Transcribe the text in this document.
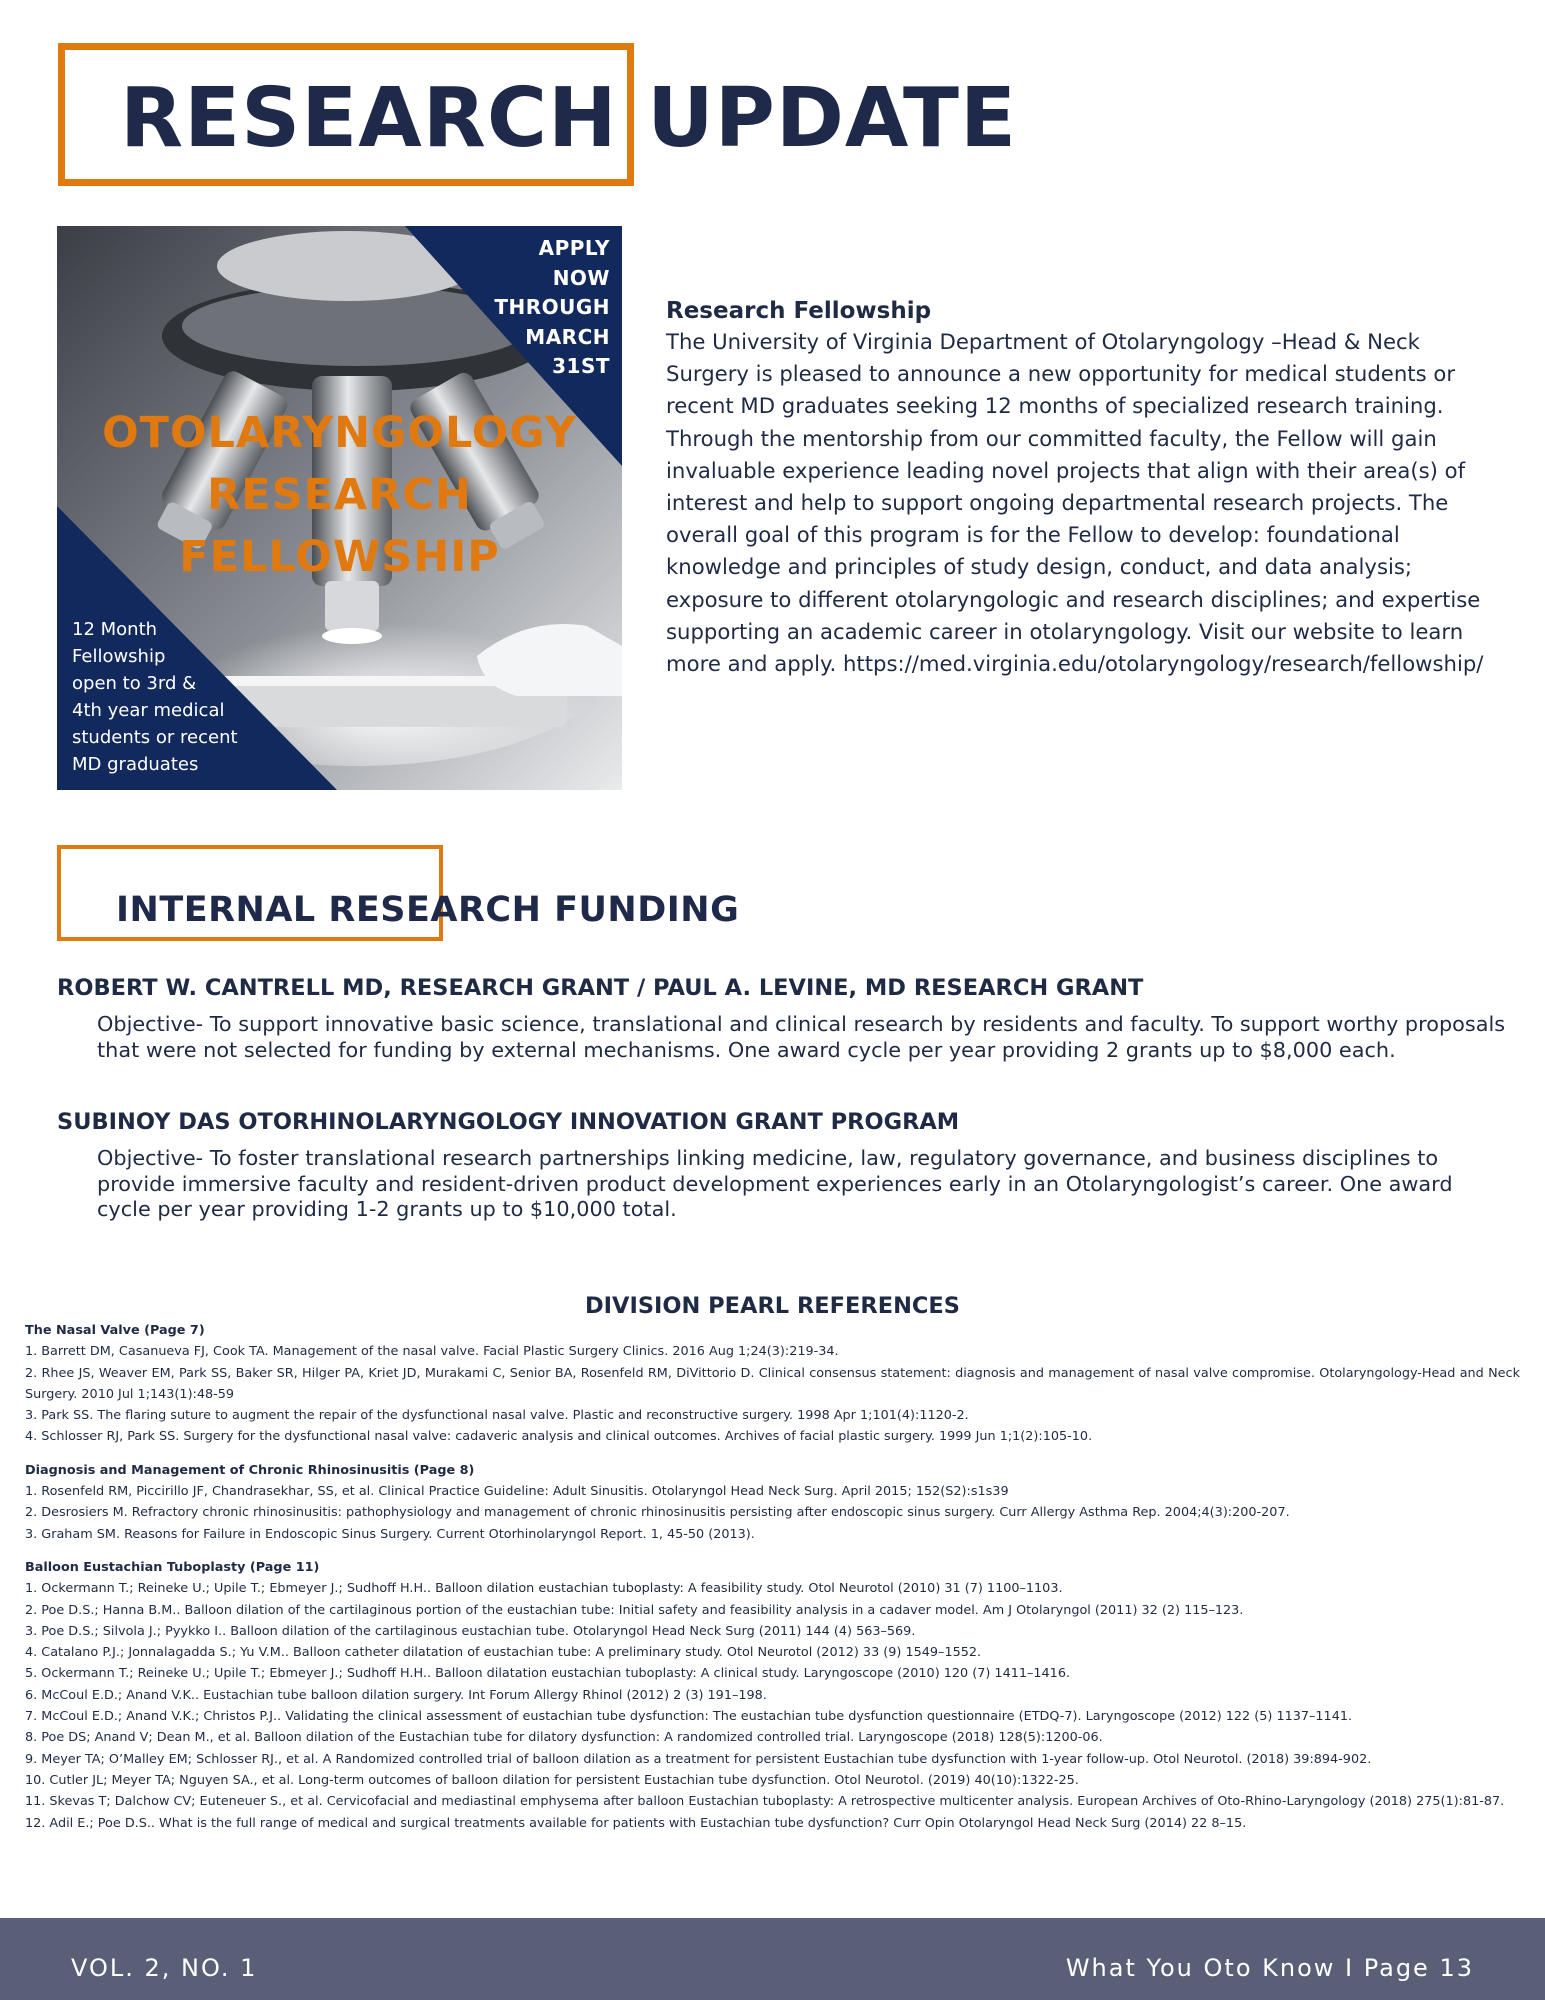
RESEARCH UPDATE
APPLY
NOW
THROUGH
MARCH
31ST
OTOLARYNGOLOGY
RESEARCH
FELLOWSHIP
12 Month
Fellowship
open to 3rd &
4th year medical
students or recent
MD graduates
Research Fellowship

The University of Virginia Department of Otolaryngology –Head & Neck Surgery is pleased to announce a new opportunity for medical students or recent MD graduates seeking 12 months of specialized research training. Through the mentorship from our committed faculty, the Fellow will gain invaluable experience leading novel projects that align with their area(s) of interest and help to support ongoing departmental research projects. The overall goal of this program is for the Fellow to develop: foundational knowledge and principles of study design, conduct, and data analysis; exposure to different otolaryngologic and research disciplines; and expertise supporting an academic career in otolaryngology. Visit our website to learn more and apply. https://med.virginia.edu/otolaryngology/research/fellowship/

INTERNAL RESEARCH FUNDING
ROBERT W. CANTRELL MD, RESEARCH GRANT / PAUL A. LEVINE, MD RESEARCH GRANT
Objective- To support innovative basic science, translational and clinical research by residents and faculty. To support worthy proposals that were not selected for funding by external mechanisms. One award cycle per year providing 2 grants up to $8,000 each.
SUBINOY DAS OTORHINOLARYNGOLOGY INNOVATION GRANT PROGRAM
Objective- To foster translational research partnerships linking medicine, law, regulatory governance, and business disciplines to provide immersive faculty and resident-driven product development experiences early in an Otolaryngologist’s career. One award cycle per year providing 1-2 grants up to $10,000 total.
DIVISION PEARL REFERENCES
The Nasal Valve (Page 7)
1. Barrett DM, Casanueva FJ, Cook TA. Management of the nasal valve. Facial Plastic Surgery Clinics. 2016 Aug 1;24(3):219-34.
2. Rhee JS, Weaver EM, Park SS, Baker SR, Hilger PA, Kriet JD, Murakami C, Senior BA, Rosenfeld RM, DiVittorio D. Clinical consensus statement: diagnosis and management of nasal valve compromise. Otolaryngology-Head and Neck Surgery. 2010 Jul 1;143(1):48-59
3. Park SS. The flaring suture to augment the repair of the dysfunctional nasal valve. Plastic and reconstructive surgery. 1998 Apr 1;101(4):1120-2.
4. Schlosser RJ, Park SS. Surgery for the dysfunctional nasal valve: cadaveric analysis and clinical outcomes. Archives of facial plastic surgery. 1999 Jun 1;1(2):105-10.
Diagnosis and Management of Chronic Rhinosinusitis (Page 8)
1. Rosenfeld RM, Piccirillo JF, Chandrasekhar, SS, et al. Clinical Practice Guideline: Adult Sinusitis. Otolaryngol Head Neck Surg. April 2015; 152(S2):s1s39
2. Desrosiers M. Refractory chronic rhinosinusitis: pathophysiology and management of chronic rhinosinusitis persisting after endoscopic sinus surgery. Curr Allergy Asthma Rep. 2004;4(3):200-207.
3. Graham SM. Reasons for Failure in Endoscopic Sinus Surgery. Current Otorhinolaryngol Report. 1, 45-50 (2013).
Balloon Eustachian Tuboplasty (Page 11)
1. Ockermann T.; Reineke U.; Upile T.; Ebmeyer J.; Sudhoff H.H.. Balloon dilation eustachian tuboplasty: A feasibility study. Otol Neurotol (2010) 31 (7) 1100–1103.
2. Poe D.S.; Hanna B.M.. Balloon dilation of the cartilaginous portion of the eustachian tube: Initial safety and feasibility analysis in a cadaver model. Am J Otolaryngol (2011) 32 (2) 115–123.
3. Poe D.S.; Silvola J.; Pyykko I.. Balloon dilation of the cartilaginous eustachian tube. Otolaryngol Head Neck Surg (2011) 144 (4) 563–569.
4. Catalano P.J.; Jonnalagadda S.; Yu V.M.. Balloon catheter dilatation of eustachian tube: A preliminary study. Otol Neurotol (2012) 33 (9) 1549–1552.
5. Ockermann T.; Reineke U.; Upile T.; Ebmeyer J.; Sudhoff H.H.. Balloon dilatation eustachian tuboplasty: A clinical study. Laryngoscope (2010) 120 (7) 1411–1416.
6. McCoul E.D.; Anand V.K.. Eustachian tube balloon dilation surgery. Int Forum Allergy Rhinol (2012) 2 (3) 191–198.
7. McCoul E.D.; Anand V.K.; Christos P.J.. Validating the clinical assessment of eustachian tube dysfunction: The eustachian tube dysfunction questionnaire (ETDQ-7). Laryngoscope (2012) 122 (5) 1137–1141.
8. Poe DS; Anand V; Dean M., et al. Balloon dilation of the Eustachian tube for dilatory dysfunction: A randomized controlled trial. Laryngoscope (2018) 128(5):1200-06.
9. Meyer TA; O’Malley EM; Schlosser RJ., et al. A Randomized controlled trial of balloon dilation as a treatment for persistent Eustachian tube dysfunction with 1-year follow-up. Otol Neurotol. (2018) 39:894-902.
10. Cutler JL; Meyer TA; Nguyen SA., et al. Long-term outcomes of balloon dilation for persistent Eustachian tube dysfunction. Otol Neurotol. (2019) 40(10):1322-25.
11. Skevas T; Dalchow CV; Euteneuer S., et al. Cervicofacial and mediastinal emphysema after balloon Eustachian tuboplasty: A retrospective multicenter analysis. European Archives of Oto-Rhino-Laryngology (2018) 275(1):81-87.
12. Adil E.; Poe D.S.. What is the full range of medical and surgical treatments available for patients with Eustachian tube dysfunction? Curr Opin Otolaryngol Head Neck Surg (2014) 22 8–15.
VOL. 2, NO. 1	What You Oto Know I Page 13
